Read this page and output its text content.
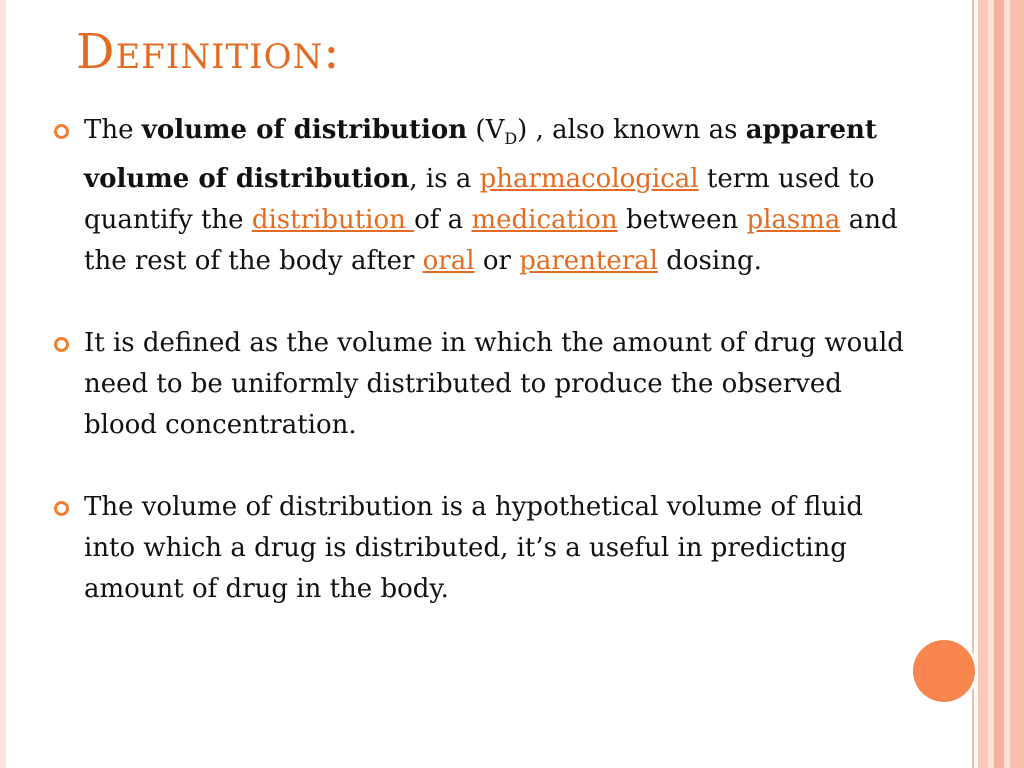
Definition:
The volume of distribution $(V_D)$ , also known as apparent volume of distribution, is a pharmacological term used to quantify the distribution of a medication between plasma and the rest of the body after oral or parenteral dosing.
It is defined as the volume in which the amount of drug would need to be uniformly distributed to produce the observed blood concentration.
The volume of distribution is a hypothetical volume of fluid into which a drug is distributed, it’s a useful in predicting amount of drug in the body.
